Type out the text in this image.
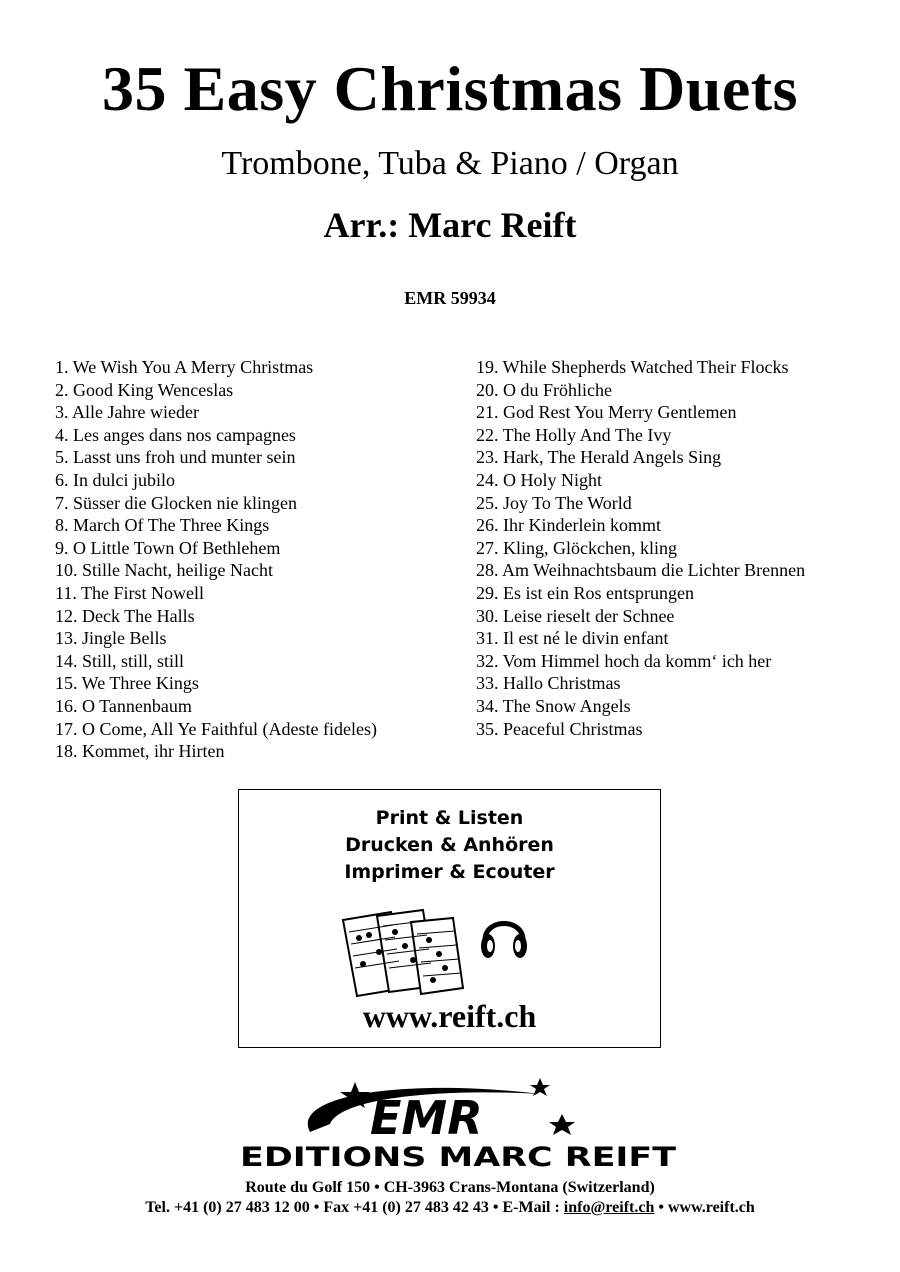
35 Easy Christmas Duets
Trombone, Tuba & Piano / Organ
Arr.: Marc Reift
EMR 59934
1. We Wish You A Merry Christmas
2. Good King Wenceslas
3. Alle Jahre wieder
4. Les anges dans nos campagnes
5. Lasst uns froh und munter sein
6. In dulci jubilo
7. Süsser die Glocken nie klingen
8. March Of The Three Kings
9. O Little Town Of Bethlehem
10. Stille Nacht, heilige Nacht
11. The First Nowell
12. Deck The Halls
13. Jingle Bells
14. Still, still, still
15. We Three Kings
16. O Tannenbaum
17. O Come, All Ye Faithful (Adeste fideles)
18. Kommet, ihr Hirten
19. While Shepherds Watched Their Flocks
20. O du Fröhliche
21. God Rest You Merry Gentlemen
22. The Holly And The Ivy
23. Hark, The Herald Angels Sing
24. O Holy Night
25. Joy To The World
26. Ihr Kinderlein kommt
27. Kling, Glöckchen, kling
28. Am Weihnachtsbaum die Lichter Brennen
29. Es ist ein Ros entsprungen
30. Leise rieselt der Schnee
31. Il est né le divin enfant
32. Vom Himmel hoch da komm‘ ich her
33. Hallo Christmas
34. The Snow Angels
35. Peaceful Christmas
Print & Listen
Drucken & Anhören
Imprimer & Ecouter
www.reift.ch
EMR
EDITIONS MARC REIFT
Route du Golf 150 • CH-3963 Crans-Montana (Switzerland)
Tel. +41 (0) 27 483 12 00 • Fax +41 (0) 27 483 42 43 • E-Mail : info@reift.ch • www.reift.ch
